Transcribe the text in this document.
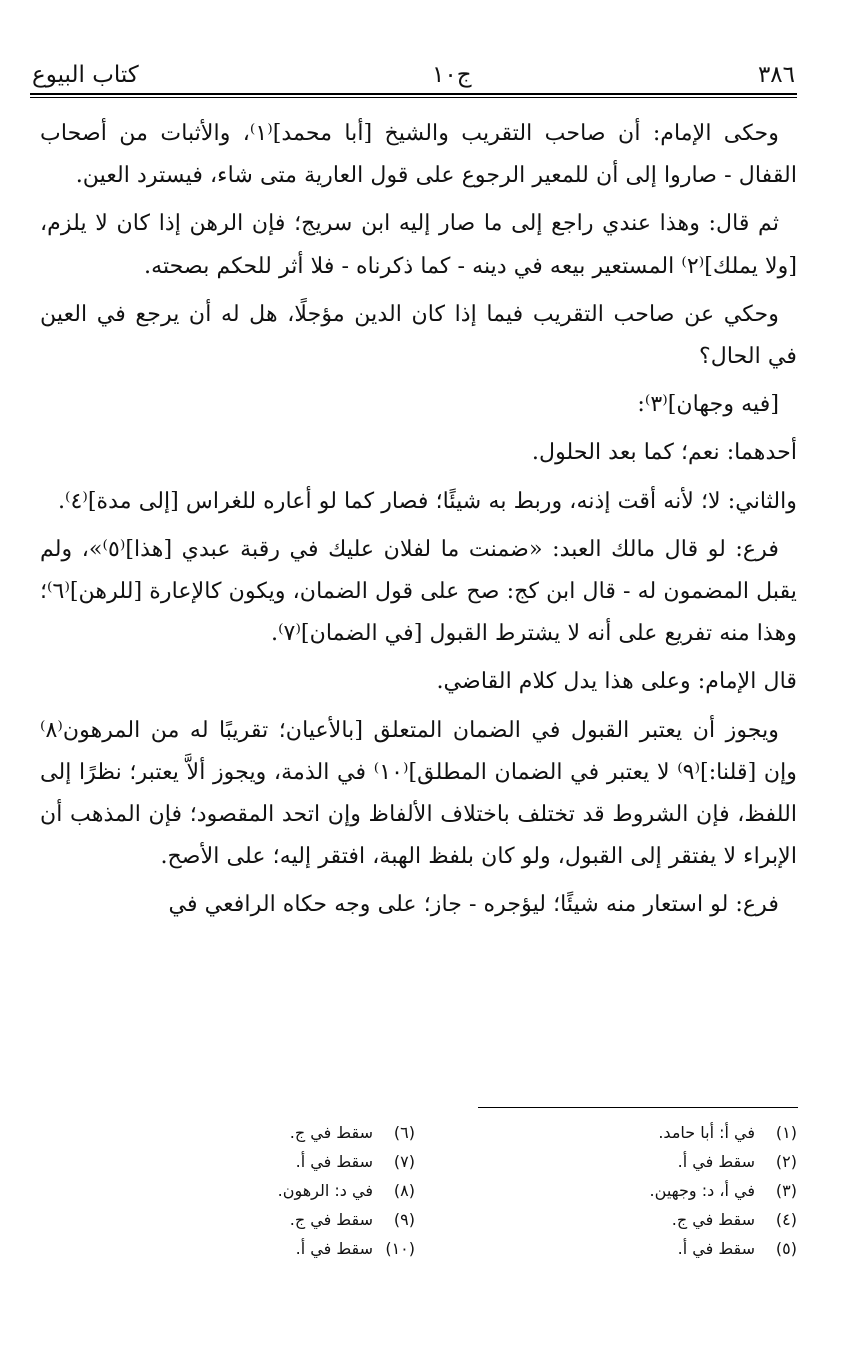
٣٨٦
ج١٠
كتاب البيوع

وحكى الإمام: أن صاحب التقريب والشيخ [أبا محمد]⁽١⁾، والأثبات من أصحاب القفال - صاروا إلى أن للمعير الرجوع على قول العارية متى شاء، فيسترد العين.

ثم قال: وهذا عندي راجع إلى ما صار إليه ابن سريج؛ فإن الرهن إذا كان لا يلزم، [ولا يملك]⁽٢⁾ المستعير بيعه في دينه - كما ذكرناه - فلا أثر للحكم بصحته.

وحكي عن صاحب التقريب فيما إذا كان الدين مؤجلًا، هل له أن يرجع في العين في الحال؟

[فيه وجهان]⁽٣⁾:

أحدهما: نعم؛ كما بعد الحلول.

والثاني: لا؛ لأنه أقت إذنه، وربط به شيئًا؛ فصار كما لو أعاره للغراس [إلى مدة]⁽٤⁾.

فرع: لو قال مالك العبد: «ضمنت ما لفلان عليك في رقبة عبدي [هذا]⁽٥⁾»، ولم يقبل المضمون له - قال ابن كج: صح على قول الضمان، ويكون كالإعارة [للرهن]⁽٦⁾؛ وهذا منه تفريع على أنه لا يشترط القبول [في الضمان]⁽٧⁾.

قال الإمام: وعلى هذا يدل كلام القاضي.

ويجوز أن يعتبر القبول في الضمان المتعلق [بالأعيان؛ تقريبًا له من المرهون⁽٨⁾ وإن [قلنا:]⁽٩⁾ لا يعتبر في الضمان المطلق]⁽١٠⁾ في الذمة، ويجوز ألاَّ يعتبر؛ نظرًا إلى اللفظ، فإن الشروط قد تختلف باختلاف الألفاظ وإن اتحد المقصود؛ فإن المذهب أن الإبراء لا يفتقر إلى القبول، ولو كان بلفظ الهبة، افتقر إليه؛ على الأصح.

فرع: لو استعار منه شيئًا؛ ليؤجره - جاز؛ على وجه حكاه الرافعي في

(١)
في أ: أبا حامد.
(٢)
سقط في أ.
(٣)
في أ، د: وجهين.
(٤)
سقط في ج.
(٥)
سقط في أ.
(٦)
سقط في ج.
(٧)
سقط في أ.
(٨)
في د: الرهون.
(٩)
سقط في ج.
(١٠)
سقط في أ.
